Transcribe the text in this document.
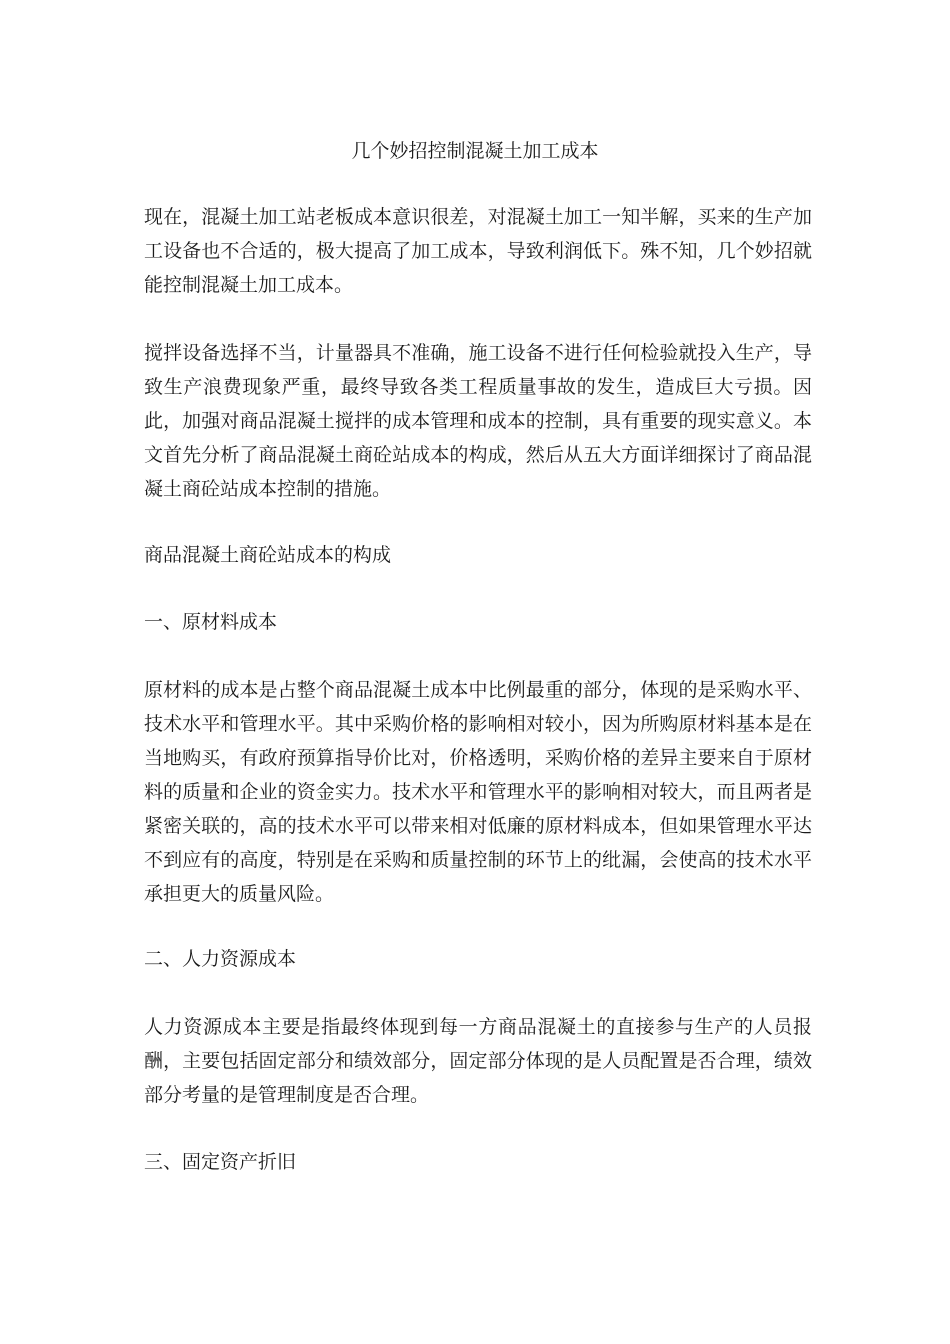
几个妙招控制混凝土加工成本

现在，混凝土加工站老板成本意识很差，对混凝土加工一知半解，买来的生产加工设备也不合适的，极大提高了加工成本，导致利润低下。殊不知，几个妙招就能控制混凝土加工成本。

搅拌设备选择不当，计量器具不准确，施工设备不进行任何检验就投入生产，导致生产浪费现象严重，最终导致各类工程质量事故的发生，造成巨大亏损。因此，加强对商品混凝土搅拌的成本管理和成本的控制，具有重要的现实意义。本文首先分析了商品混凝土商砼站成本的构成，然后从五大方面详细探讨了商品混凝土商砼站成本控制的措施。

商品混凝土商砼站成本的构成
一、原材料成本

原材料的成本是占整个商品混凝土成本中比例最重的部分，体现的是采购水平、技术水平和管理水平。其中采购价格的影响相对较小，因为所购原材料基本是在当地购买，有政府预算指导价比对，价格透明，采购价格的差异主要来自于原材料的质量和企业的资金实力。技术水平和管理水平的影响相对较大，而且两者是紧密关联的，高的技术水平可以带来相对低廉的原材料成本，但如果管理水平达不到应有的高度，特别是在采购和质量控制的环节上的纰漏，会使高的技术水平承担更大的质量风险。

二、人力资源成本

人力资源成本主要是指最终体现到每一方商品混凝土的直接参与生产的人员报酬，主要包括固定部分和绩效部分，固定部分体现的是人员配置是否合理，绩效部分考量的是管理制度是否合理。

三、固定资产折旧
